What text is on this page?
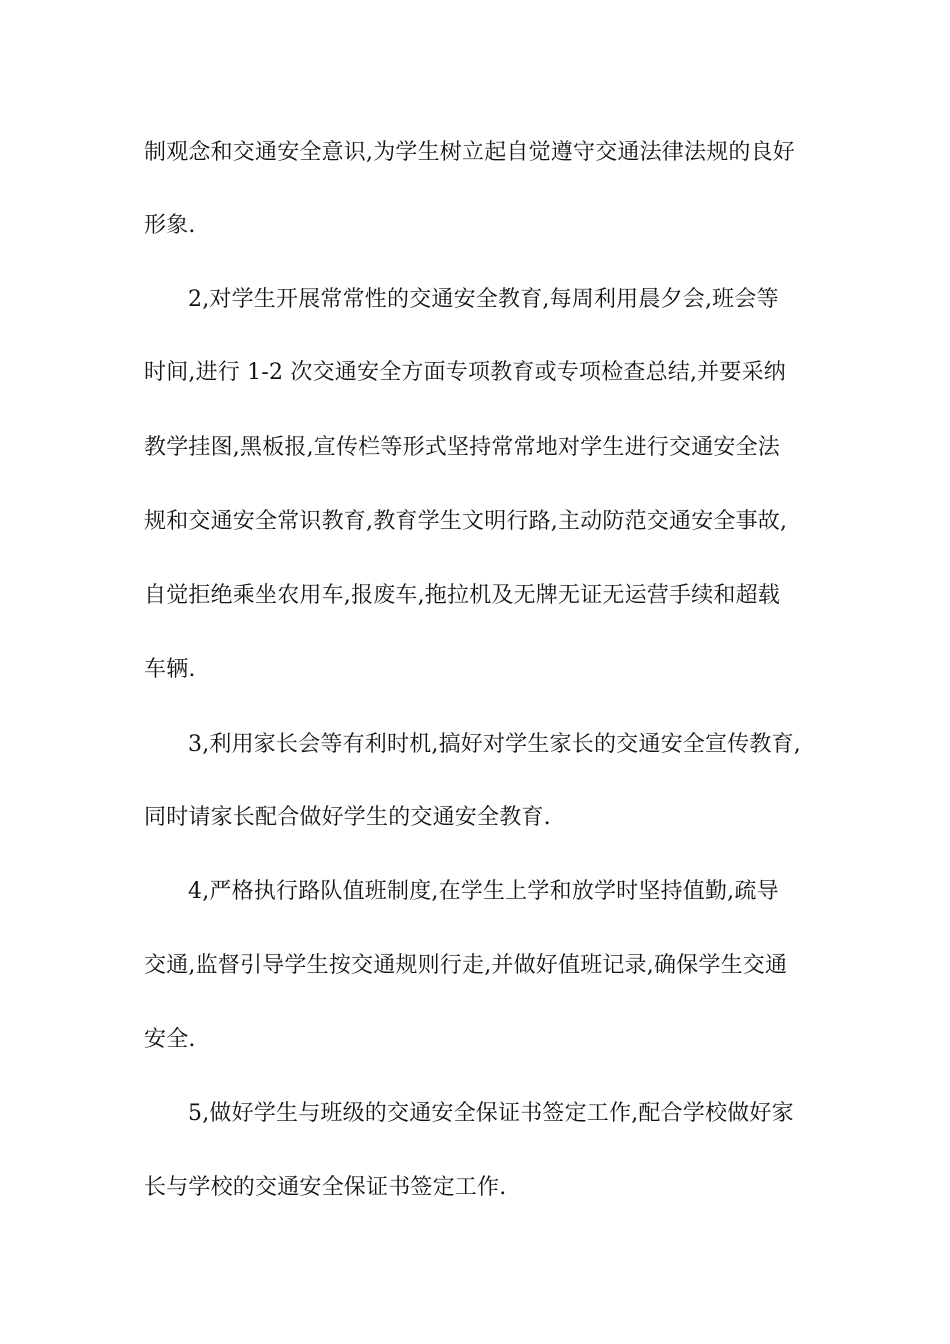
制观念和交通安全意识,为学生树立起自觉遵守交通法律法规的良好
形象.
2,对学生开展常常性的交通安全教育,每周利用晨夕会,班会等
时间,进行 1-2 次交通安全方面专项教育或专项检查总结,并要采纳
教学挂图,黑板报,宣传栏等形式坚持常常地对学生进行交通安全法
规和交通安全常识教育,教育学生文明行路,主动防范交通安全事故,
自觉拒绝乘坐农用车,报废车,拖拉机及无牌无证无运营手续和超载
车辆.
3,利用家长会等有利时机,搞好对学生家长的交通安全宣传教育,
同时请家长配合做好学生的交通安全教育.
4,严格执行路队值班制度,在学生上学和放学时坚持值勤,疏导
交通,监督引导学生按交通规则行走,并做好值班记录,确保学生交通
安全.
5,做好学生与班级的交通安全保证书签定工作,配合学校做好家
长与学校的交通安全保证书签定工作.
